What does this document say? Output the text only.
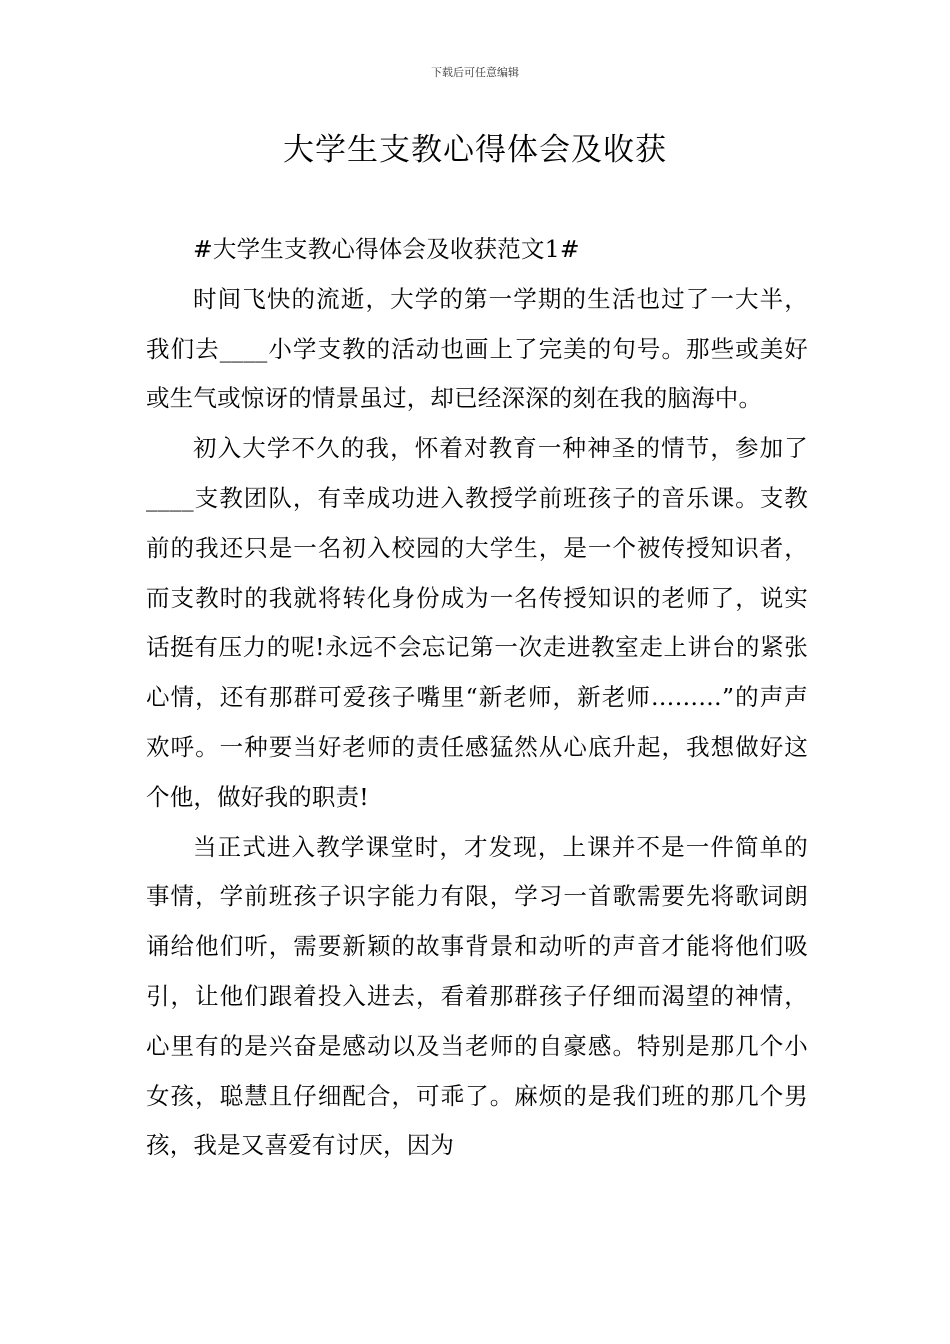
下载后可任意编辑
大学生支教心得体会及收获

#大学生支教心得体会及收获范文1#

时间飞快的流逝，大学的第一学期的生活也过了一大半，我们去____小学支教的活动也画上了完美的句号。那些或美好或生气或惊讶的情景虽过，却已经深深的刻在我的脑海中。

初入大学不久的我，怀着对教育一种神圣的情节，参加了____支教团队，有幸成功进入教授学前班孩子的音乐课。支教前的我还只是一名初入校园的大学生，是一个被传授知识者，而支教时的我就将转化身份成为一名传授知识的老师了，说实话挺有压力的呢!永远不会忘记第一次走进教室走上讲台的紧张心情，还有那群可爱孩子嘴里“新老师，新老师………”的声声欢呼。一种要当好老师的责任感猛然从心底升起，我想做好这个他，做好我的职责!

当正式进入教学课堂时，才发现，上课并不是一件简单的事情，学前班孩子识字能力有限，学习一首歌需要先将歌词朗诵给他们听，需要新颖的故事背景和动听的声音才能将他们吸引，让他们跟着投入进去，看着那群孩子仔细而渴望的神情，心里有的是兴奋是感动以及当老师的自豪感。特别是那几个小女孩，聪慧且仔细配合，可乖了。麻烦的是我们班的那几个男孩，我是又喜爱有讨厌，因为
